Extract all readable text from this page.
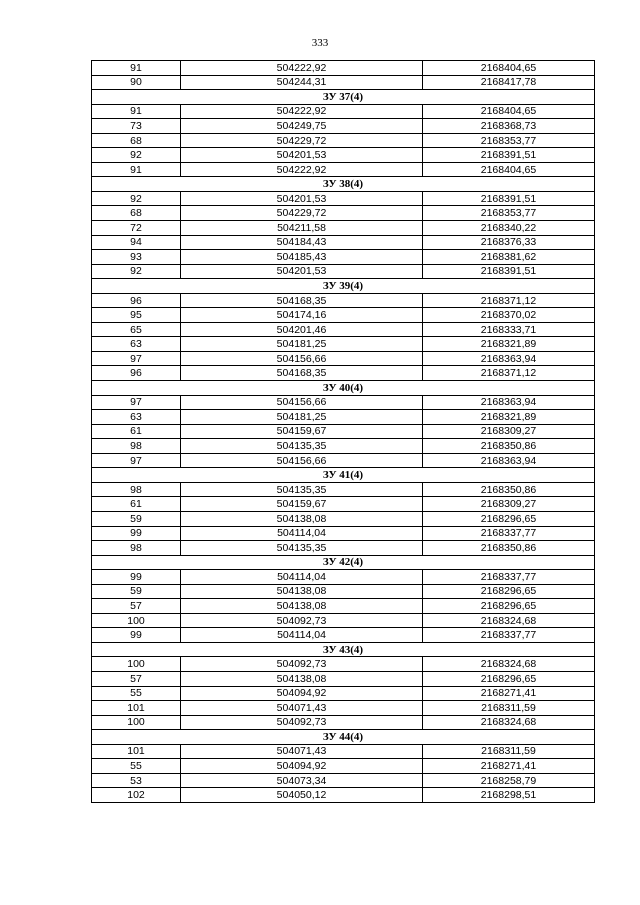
333
91	504222,92	2168404,65
90	504244,31	2168417,78
ЗУ 37(4)		
91	504222,92	2168404,65
73	504249,75	2168368,73
68	504229,72	2168353,77
92	504201,53	2168391,51
91	504222,92	2168404,65
ЗУ 38(4)		
92	504201,53	2168391,51
68	504229,72	2168353,77
72	504211,58	2168340,22
94	504184,43	2168376,33
93	504185,43	2168381,62
92	504201,53	2168391,51
ЗУ 39(4)		
96	504168,35	2168371,12
95	504174,16	2168370,02
65	504201,46	2168333,71
63	504181,25	2168321,89
97	504156,66	2168363,94
96	504168,35	2168371,12
ЗУ 40(4)		
97	504156,66	2168363,94
63	504181,25	2168321,89
61	504159,67	2168309,27
98	504135,35	2168350,86
97	504156,66	2168363,94
ЗУ 41(4)		
98	504135,35	2168350,86
61	504159,67	2168309,27
59	504138,08	2168296,65
99	504114,04	2168337,77
98	504135,35	2168350,86
ЗУ 42(4)		
99	504114,04	2168337,77
59	504138,08	2168296,65
57	504138,08	2168296,65
100	504092,73	2168324,68
99	504114,04	2168337,77
ЗУ 43(4)		
100	504092,73	2168324,68
57	504138,08	2168296,65
55	504094,92	2168271,41
101	504071,43	2168311,59
100	504092,73	2168324,68
ЗУ 44(4)		
101	504071,43	2168311,59
55	504094,92	2168271,41
53	504073,34	2168258,79
102	504050,12	2168298,51
